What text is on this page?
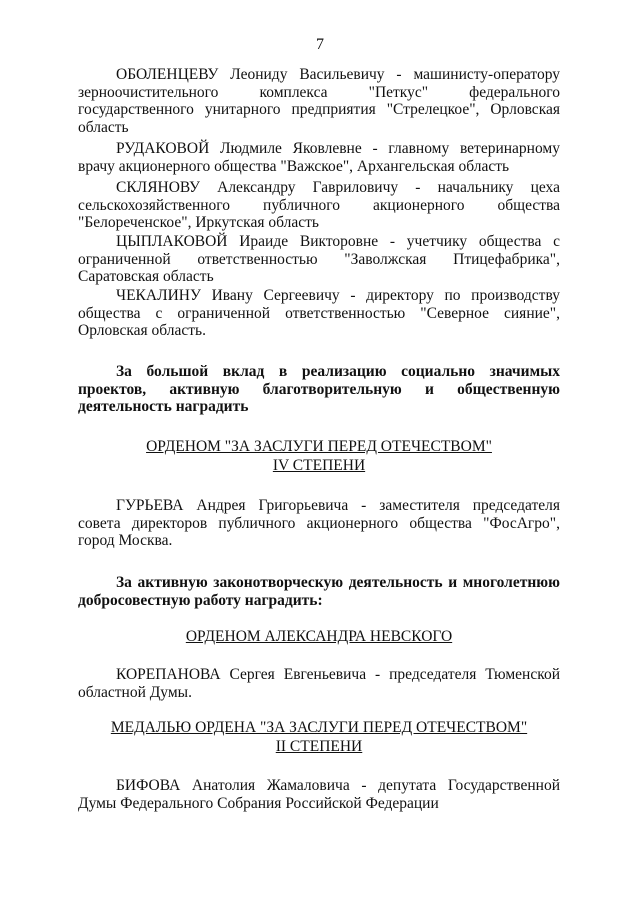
7

ОБОЛЕНЦЕВУ Леониду Васильевичу - машинисту-оператору зерноочистительного комплекса "Петкус" федерального государственного унитарного предприятия "Стрелецкое", Орловская область

РУДАКОВОЙ Людмиле Яковлевне - главному ветеринарному врачу акционерного общества "Важское", Архангельская область

СКЛЯНОВУ Александру Гавриловичу - начальнику цеха сельскохозяйственного публичного акционерного общества "Белореченское", Иркутская область

ЦЫПЛАКОВОЙ Ираиде Викторовне - учетчику общества с ограниченной ответственностью "Заволжская Птицефабрика", Саратовская область

ЧЕКАЛИНУ Ивану Сергеевичу - директору по производству общества с ограниченной ответственностью "Северное сияние", Орловская область.

За большой вклад в реализацию социально значимых проектов, активную благотворительную и общественную деятельность наградить

ОРДЕНОМ "ЗА ЗАСЛУГИ ПЕРЕД ОТЕЧЕСТВОМ"
IV СТЕПЕНИ

ГУРЬЕВА Андрея Григорьевича - заместителя председателя совета директоров публичного акционерного общества "ФосАгро", город Москва.

За активную законотворческую деятельность и многолетнюю добросовестную работу наградить:

ОРДЕНОМ АЛЕКСАНДРА НЕВСКОГО

КОРЕПАНОВА Сергея Евгеньевича - председателя Тюменской областной Думы.

МЕДАЛЬЮ ОРДЕНА "ЗА ЗАСЛУГИ ПЕРЕД ОТЕЧЕСТВОМ"
II СТЕПЕНИ

БИФОВА Анатолия Жамаловича - депутата Государственной Думы Федерального Собрания Российской Федерации
